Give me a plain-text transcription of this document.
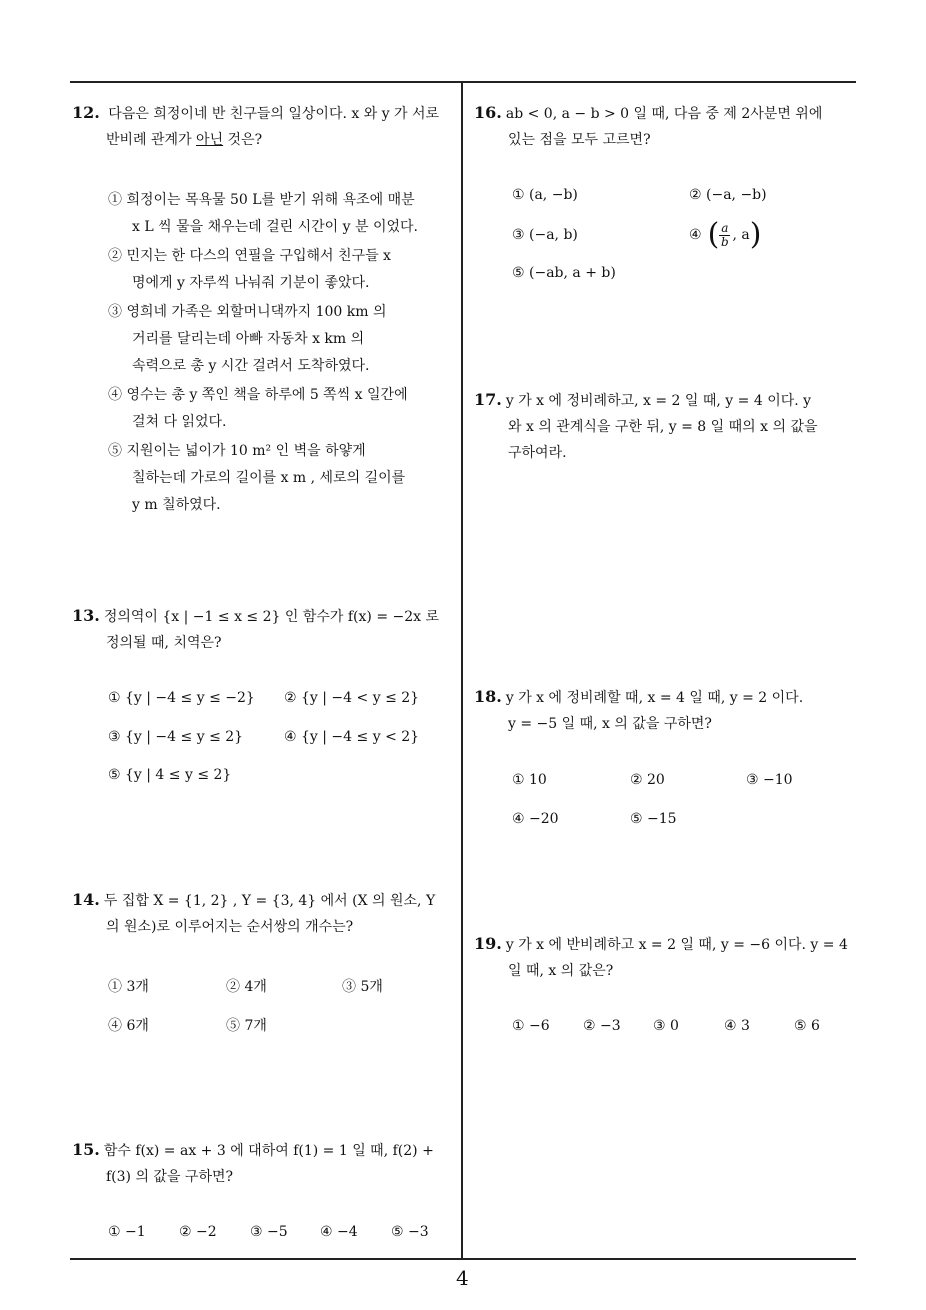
12. 다음은 희정이네 반 친구들의 일상이다. x 와 y 가 서로
반비례 관계가 아닌 것은?
① 희정이는 목욕물 50 L를 받기 위해 욕조에 매분
x L 씩 물을 채우는데 걸린 시간이 y 분 이었다.
② 민지는 한 다스의 연필을 구입해서 친구들 x
명에게 y 자루씩 나눠줘 기분이 좋았다.
③ 영희네 가족은 외할머니댁까지 100 km 의
거리를 달리는데 아빠 자동차 x km 의
속력으로 총 y 시간 걸려서 도착하였다.
④ 영수는 총 y 쪽인 책을 하루에 5 쪽씩 x 일간에
걸쳐 다 읽었다.
⑤ 지원이는 넓이가 10 m² 인 벽을 하얗게
칠하는데 가로의 길이를 x m , 세로의 길이를
y m 칠하였다.
13. 정의역이 {x | −1 ≤ x ≤ 2} 인 함수가 f(x) = −2x 로
정의될 때, 치역은?
① {y | −4 ≤ y ≤ −2} ② {y | −4 < y ≤ 2}
③ {y | −4 ≤ y ≤ 2}	④ {y | −4 ≤ y < 2}
⑤ {y | 4 ≤ y ≤ 2}
14. 두 집합 X = {1, 2} , Y = {3, 4} 에서 (X 의 원소, Y
의 원소)로 이루어지는 순서쌍의 개수는?
① 3개	② 4개	③ 5개
④ 6개	⑤ 7개
15. 함수 f(x) = ax + 3 에 대하여 f(1) = 1 일 때, f(2) +
f(3) 의 값을 구하면?
① −1 ② −2 ③ −5 ④ −4 ⑤ −3
16. ab < 0, a − b > 0 일 때, 다음 중 제 2사분면 위에
있는 점을 모두 고르면?
① (a, −b)	② (−a, −b)
③ (−a, b)	④ ( $\frac{a}{b}$ , a )
⑤ (−ab, a + b)
17. y 가 x 에 정비례하고, x = 2 일 때, y = 4 이다. y
와 x 의 관계식을 구한 뒤, y = 8 일 때의 x 의 값을
구하여라.
18. y 가 x 에 정비례할 때, x = 4 일 때, y = 2 이다.
y = −5 일 때, x 의 값을 구하면?
① 10	② 20	③ −10
④ −20	⑤ −15
19. y 가 x 에 반비례하고 x = 2 일 때, y = −6 이다. y = 4
일 때, x 의 값은?
① −6 ② −3 ③ 0	④ 3	⑤ 6
4
